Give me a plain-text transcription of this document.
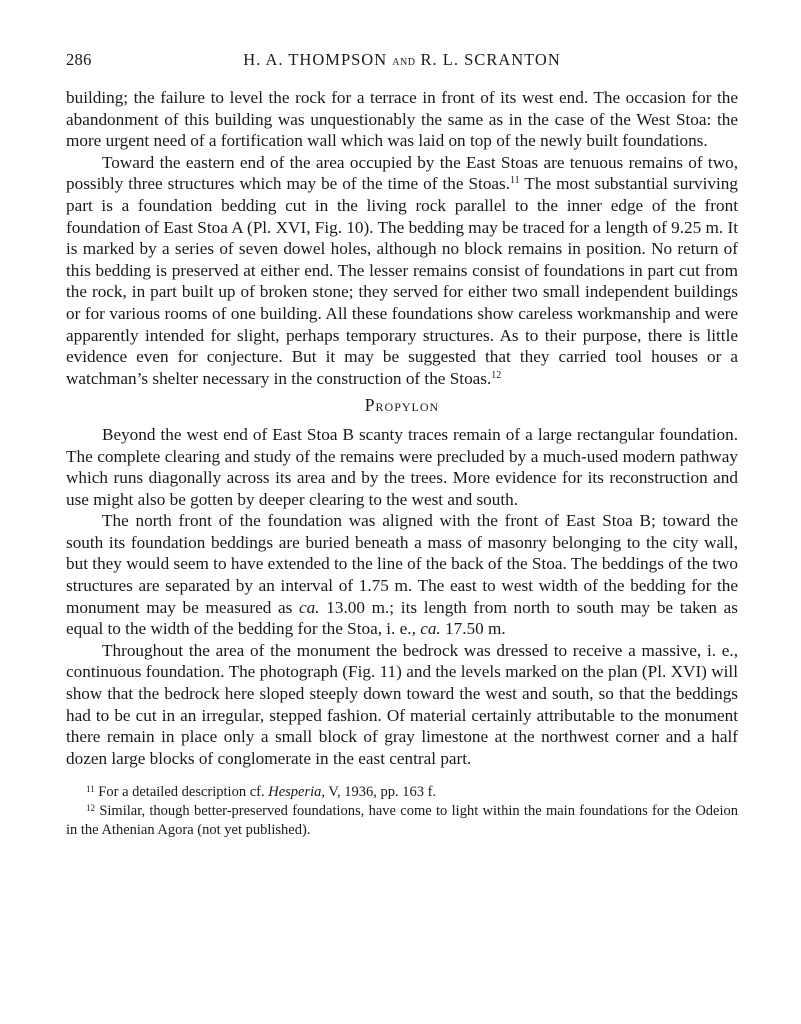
286	H. A. THOMPSON and R. L. SCRANTON

building; the failure to level the rock for a terrace in front of its west end. The occasion for the abandonment of this building was unquestionably the same as in the case of the West Stoa: the more urgent need of a fortification wall which was laid on top of the newly built foundations.

Toward the eastern end of the area occupied by the East Stoas are tenuous remains of two, possibly three structures which may be of the time of the Stoas.$^{11}$ The most substantial surviving part is a foundation bedding cut in the living rock parallel to the inner edge of the front foundation of East Stoa A (Pl. XVI, Fig. 10). The bedding may be traced for a length of 9.25 m. It is marked by a series of seven dowel holes, although no block remains in position. No return of this bedding is preserved at either end. The lesser remains consist of foundations in part cut from the rock, in part built up of broken stone; they served for either two small independent buildings or for various rooms of one building. All these foundations show careless workmanship and were apparently intended for slight, perhaps temporary structures. As to their purpose, there is little evidence even for conjecture. But it may be suggested that they carried tool houses or a watchman’s shelter necessary in the construction of the Stoas.$^{12}$

Propylon

Beyond the west end of East Stoa B scanty traces remain of a large rectangular foundation. The complete clearing and study of the remains were precluded by a much-used modern pathway which runs diagonally across its area and by the trees. More evidence for its reconstruction and use might also be gotten by deeper clearing to the west and south.

The north front of the foundation was aligned with the front of East Stoa B; toward the south its foundation beddings are buried beneath a mass of masonry belonging to the city wall, but they would seem to have extended to the line of the back of the Stoa. The beddings of the two structures are separated by an interval of 1.75 m. The east to west width of the bedding for the monument may be measured as ca. 13.00 m.; its length from north to south may be taken as equal to the width of the bedding for the Stoa, i. e., ca. 17.50 m.

Throughout the area of the monument the bedrock was dressed to receive a massive, i. e., continuous foundation. The photograph (Fig. 11) and the levels marked on the plan (Pl. XVI) will show that the bedrock here sloped steeply down toward the west and south, so that the beddings had to be cut in an irregular, stepped fashion. Of material certainly attributable to the monument there remain in place only a small block of gray limestone at the northwest corner and a half dozen large blocks of conglomerate in the east central part.

$^{11}$ For a detailed description cf. Hesperia, V, 1936, pp. 163 f.

$^{12}$ Similar, though better-preserved foundations, have come to light within the main foundations for the Odeion in the Athenian Agora (not yet published).
